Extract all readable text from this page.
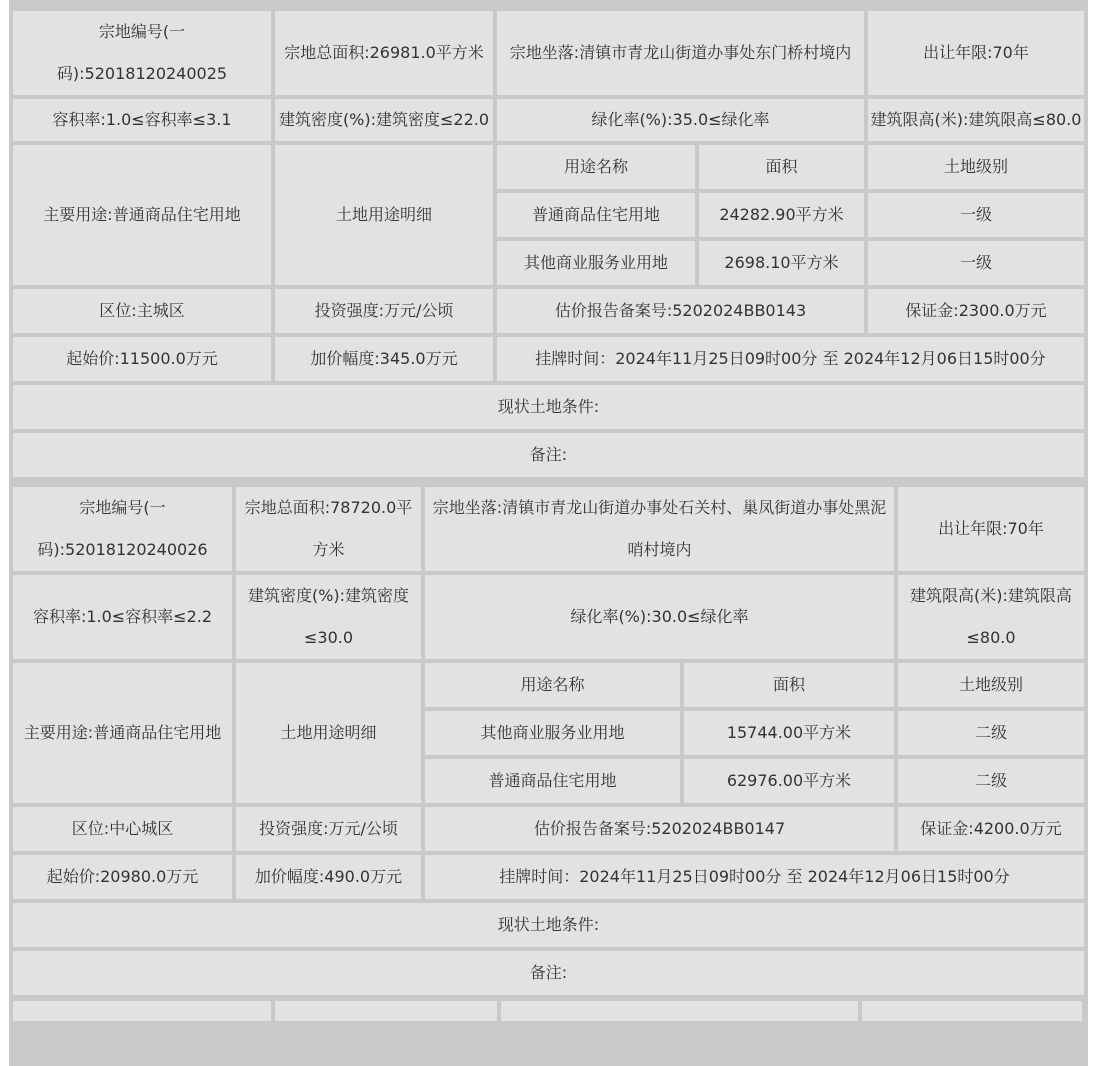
宗地编号(一码):52018120240025	宗地总面积:26981.0平方米	宗地坐落:清镇市青龙山街道办事处东门桥村境内		出让年限:70年
容积率:1.0≤容积率≤3.1	建筑密度(%):建筑密度≤22.0	绿化率(%):35.0≤绿化率		建筑限高(米):建筑限高≤80.0
主要用途:普通商品住宅用地	土地用途明细	用途名称	面积	土地级别
		普通商品住宅用地	24282.90平方米	一级
		其他商业服务业用地	2698.10平方米	一级
区位:主城区	投资强度:万元/公顷	估价报告备案号:5202024BB0143		保证金:2300.0万元
起始价:11500.0万元	加价幅度:345.0万元	挂牌时间：2024年11月25日09时00分 至 2024年12月06日15时00分		
现状土地条件:				
备注:				
宗地编号(一码):52018120240026	宗地总面积:78720.0平方米	宗地坐落:清镇市青龙山街道办事处石关村、巢凤街道办事处黑泥哨村境内		出让年限:70年
容积率:1.0≤容积率≤2.2	建筑密度(%):建筑密度≤30.0	绿化率(%):30.0≤绿化率		建筑限高(米):建筑限高≤80.0
主要用途:普通商品住宅用地	土地用途明细	用途名称	面积	土地级别
		其他商业服务业用地	15744.00平方米	二级
		普通商品住宅用地	62976.00平方米	二级
区位:中心城区	投资强度:万元/公顷	估价报告备案号:5202024BB0147		保证金:4200.0万元
起始价:20980.0万元	加价幅度:490.0万元	挂牌时间：2024年11月25日09时00分 至 2024年12月06日15时00分		
现状土地条件:				
备注:				
